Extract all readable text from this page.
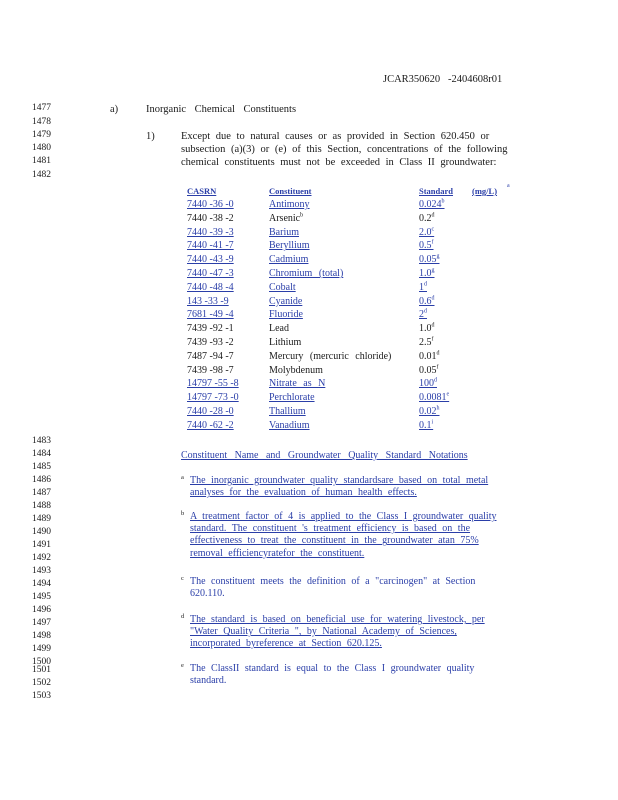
JCAR350620 -2404608r01
1477
1478
1479
1480
1481
1482
1483
1484
1485
1486
1487
1488
1489
1490
1491
1492
1493
1494
1495
1496
1497
1498
1499
1500
1501
1502
1503
a)	Inorganic Chemical Constituents
1)	Except due to natural causes or as provided in Section 620.450 or
subsection (a)(3) or (e) of this Section, concentrations of the following
chemical constituents must not be exceeded in Class II groundwater:
CASRN	Constituent	Standard (mg/L) a
7440 -36 -0	Antimony	0.024$^b$
7440 -38 -2	Arsenic$^b$	0.2$^d$
7440 -39 -3	Barium	2.0$^c$
7440 -41 -7	Beryllium	0.5$^f$
7440 -43 -9	Cadmium	0.05$^g$
7440 -47 -3	Chromium (total)	1.0$^g$
7440 -48 -4	Cobalt	1$^d$
143 -33 -9	Cyanide	0.6$^d$
7681 -49 -4	Fluoride	2$^d$
7439 -92 -1	Lead	1.0$^d$
7439 -93 -2	Lithium	2.5$^f$
7487 -94 -7	Mercury (mercuric chloride)	0.01$^d$
7439 -98 -7	Molybdenum	0.05$^f$
14797 -55 -8	Nitrate as N	100$^d$
14797 -73 -0	Perchlorate	0.0081e
7440 -28 -0	Thallium	0.02$^h$
7440 -62 -2	Vanadium	0.1$^i$
Constituent Name and Groundwater Quality Standard Notations
a The inorganic groundwater quality standardsare based on total metal
analyses for the evaluation of human health effects.
b A treatment factor of 4 is applied to the Class I groundwater quality
standard. The constituent 's treatment efficiency is based on the
effectiveness to treat the constituent in the groundwater atan 75%
removal efficiencyratefor the constituent.
c The constituent meets the definition of a "carcinogen" at Section
620.110.
d The standard is based on beneficial use for watering livestock, per
"Water Quality Criteria ", by National Academy of Sciences,
incorporated byreference at Section 620.125.
e The ClassII standard is equal to the Class I groundwater quality
standard.
